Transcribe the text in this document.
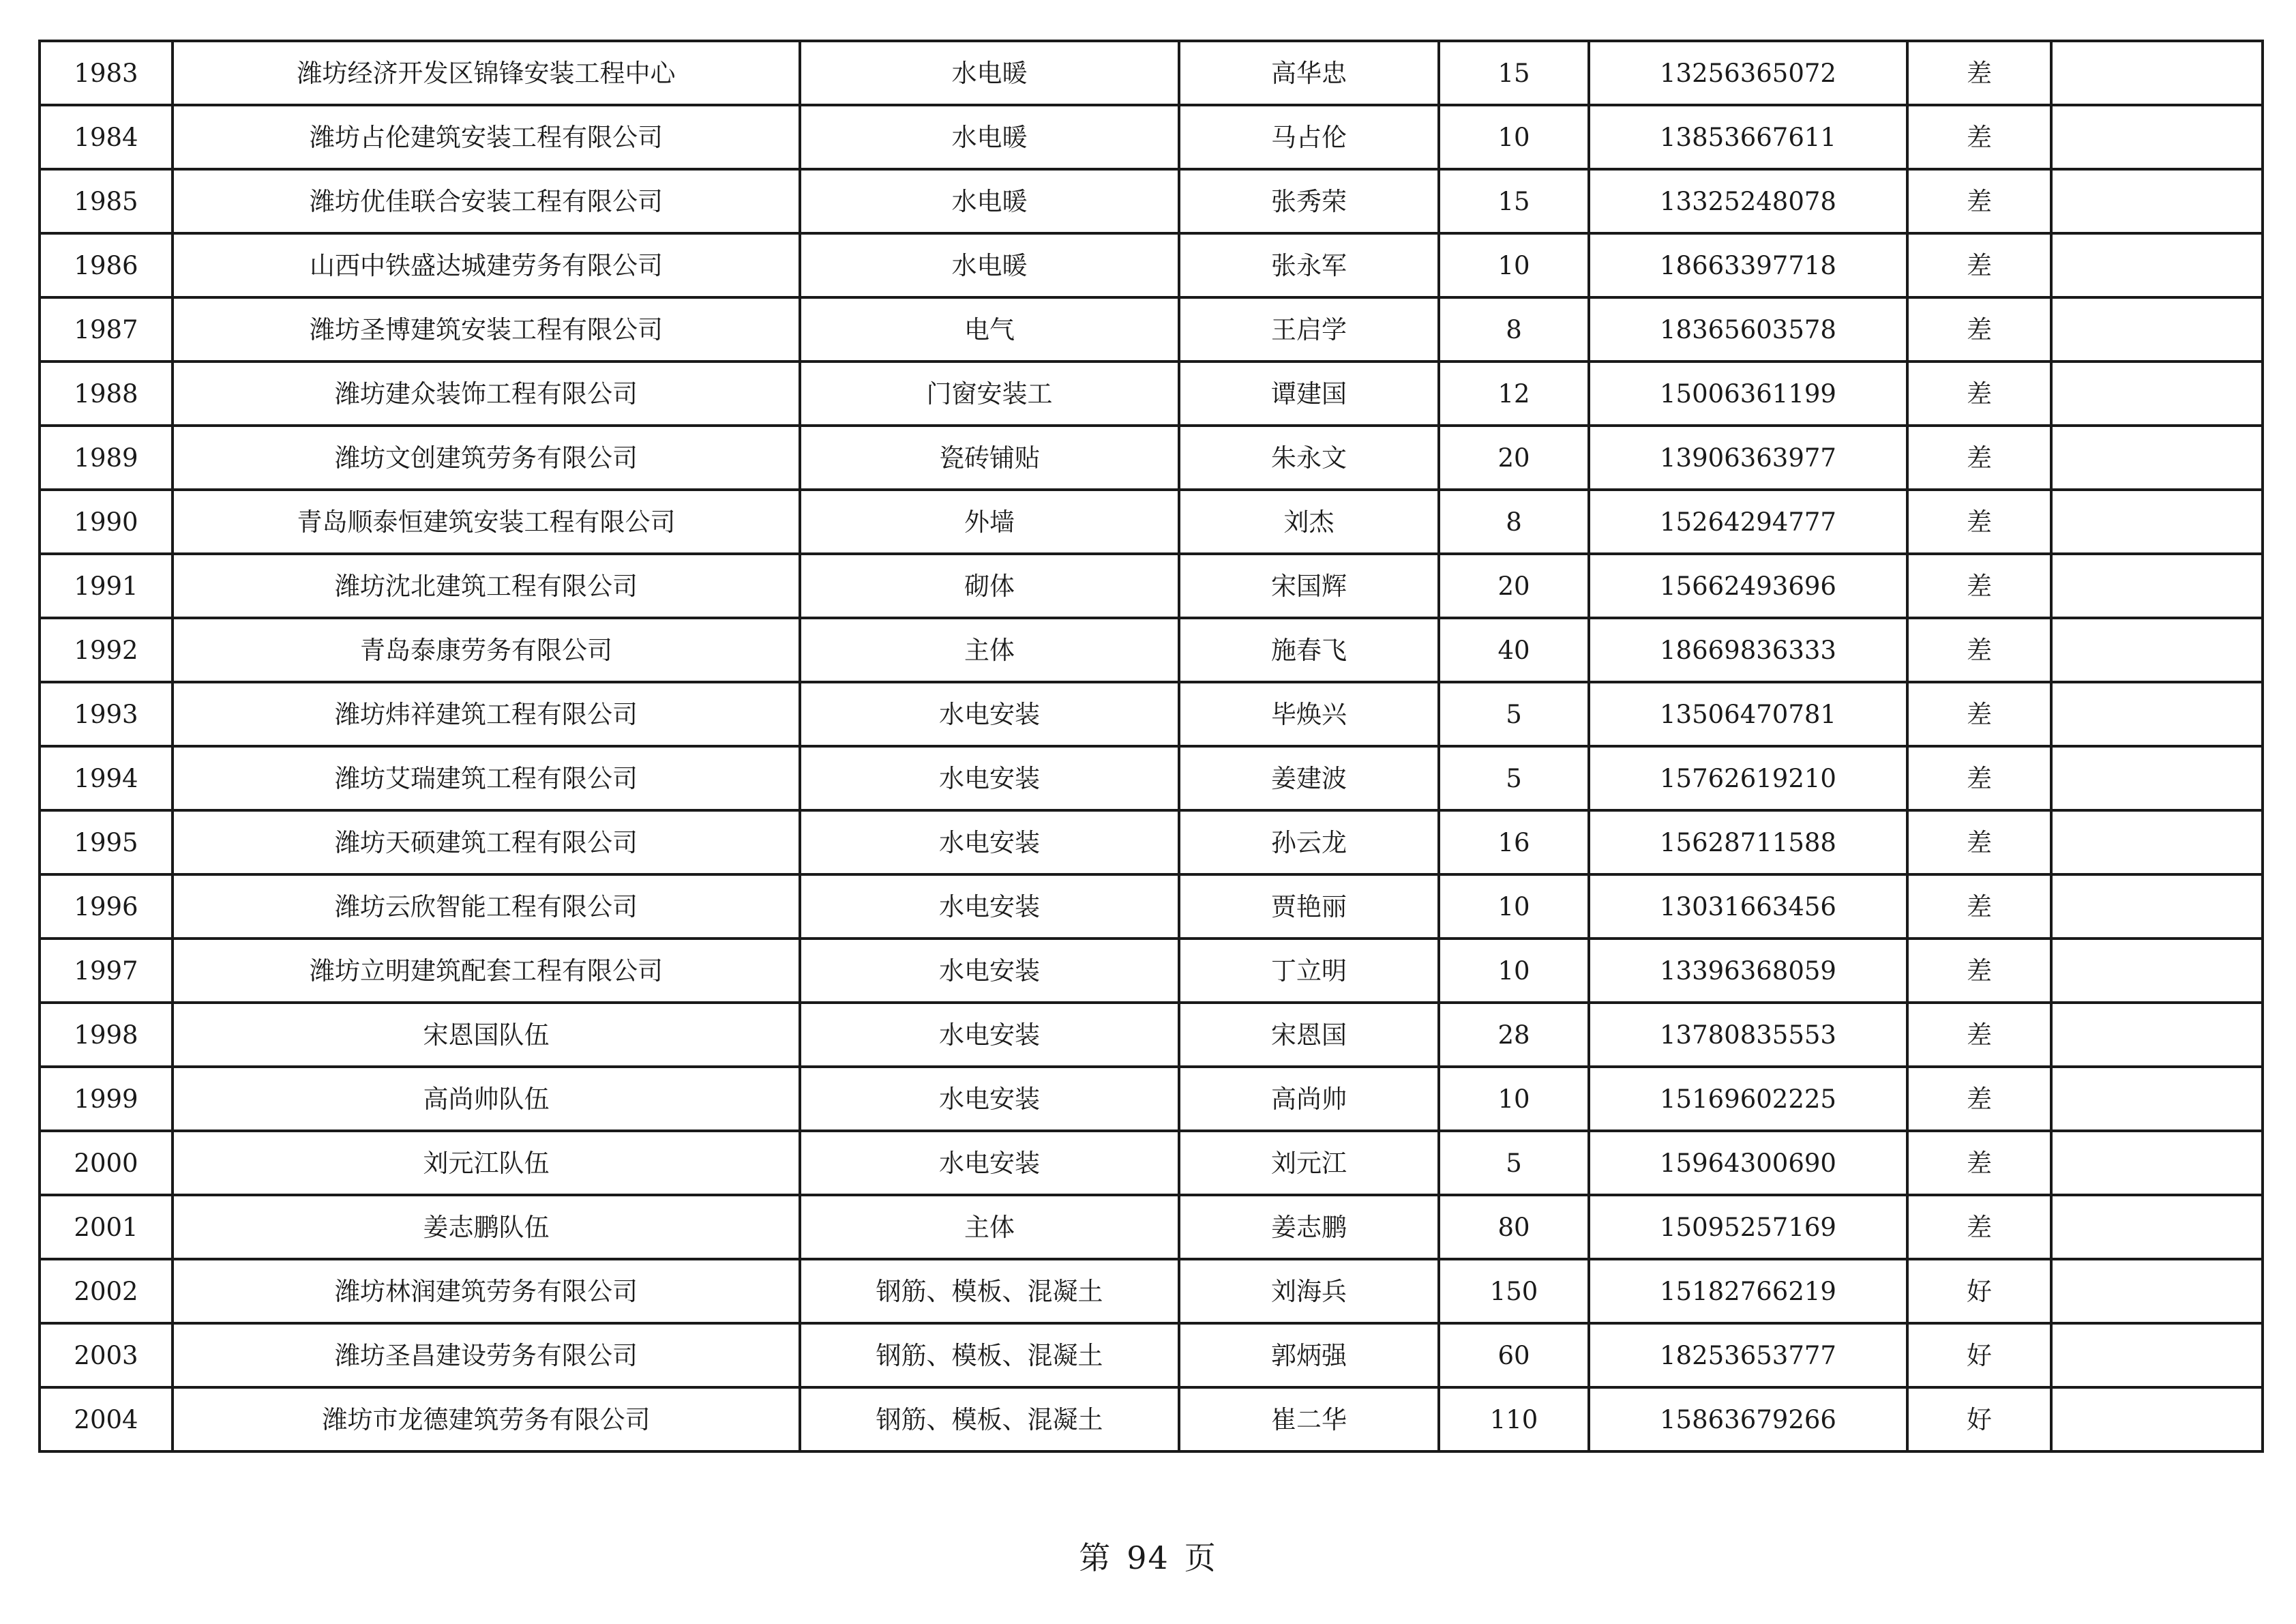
1983	潍坊经济开发区锦锋安装工程中心	水电暖	高华忠	15	13256365072	差	
1984	潍坊占伦建筑安装工程有限公司	水电暖	马占伦	10	13853667611	差	
1985	潍坊优佳联合安装工程有限公司	水电暖	张秀荣	15	13325248078	差	
1986	山西中铁盛达城建劳务有限公司	水电暖	张永军	10	18663397718	差	
1987	潍坊圣博建筑安装工程有限公司	电气	王启学	8	18365603578	差	
1988	潍坊建众装饰工程有限公司	门窗安装工	谭建国	12	15006361199	差	
1989	潍坊文创建筑劳务有限公司	瓷砖铺贴	朱永文	20	13906363977	差	
1990	青岛顺泰恒建筑安装工程有限公司	外墙	刘杰	8	15264294777	差	
1991	潍坊沈北建筑工程有限公司	砌体	宋国辉	20	15662493696	差	
1992	青岛泰康劳务有限公司	主体	施春飞	40	18669836333	差	
1993	潍坊炜祥建筑工程有限公司	水电安装	毕焕兴	5	13506470781	差	
1994	潍坊艾瑞建筑工程有限公司	水电安装	姜建波	5	15762619210	差	
1995	潍坊天硕建筑工程有限公司	水电安装	孙云龙	16	15628711588	差	
1996	潍坊云欣智能工程有限公司	水电安装	贾艳丽	10	13031663456	差	
1997	潍坊立明建筑配套工程有限公司	水电安装	丁立明	10	13396368059	差	
1998	宋恩国队伍	水电安装	宋恩国	28	13780835553	差	
1999	高尚帅队伍	水电安装	高尚帅	10	15169602225	差	
2000	刘元江队伍	水电安装	刘元江	5	15964300690	差	
2001	姜志鹏队伍	主体	姜志鹏	80	15095257169	差	
2002	潍坊林润建筑劳务有限公司	钢筋、模板、混凝土	刘海兵	150	15182766219	好	
2003	潍坊圣昌建设劳务有限公司	钢筋、模板、混凝土	郭炳强	60	18253653777	好	
2004	潍坊市龙德建筑劳务有限公司	钢筋、模板、混凝土	崔二华	110	15863679266	好	
第 94 页
